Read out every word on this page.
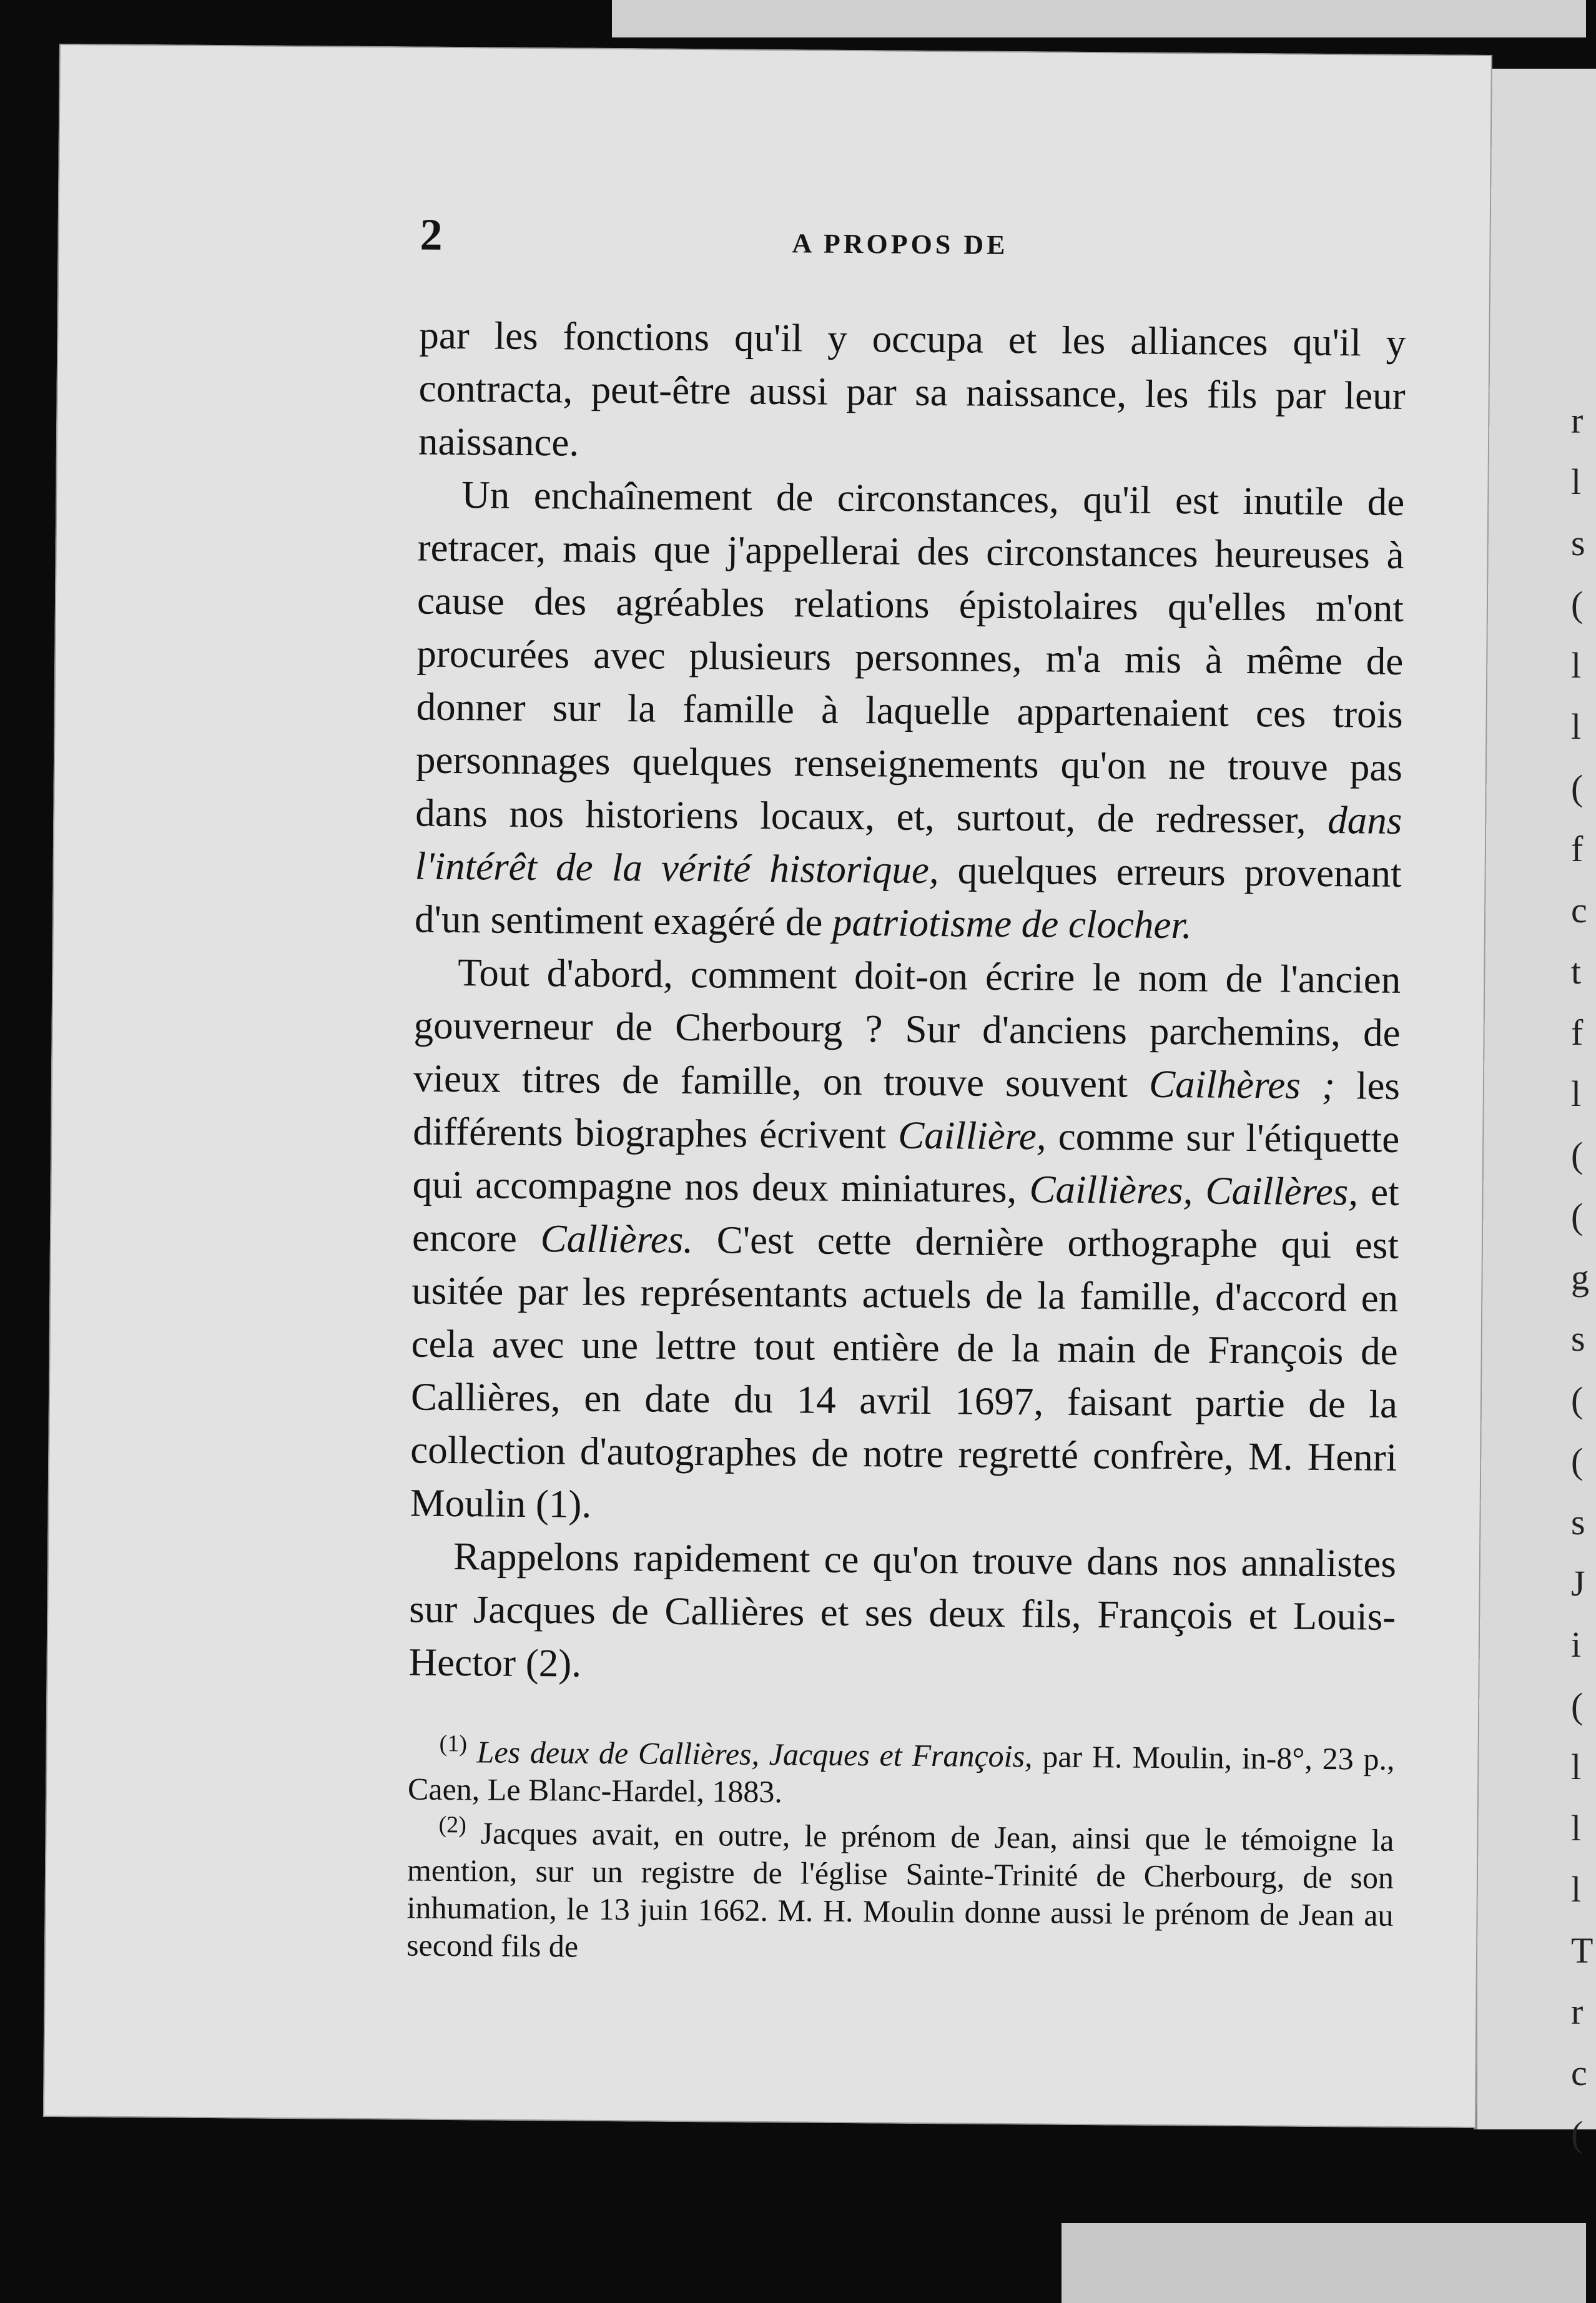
r
l
s
(
l
l
(
f
c
t
f
l
(
(
g
s
(
(
s
J
i
(
l
l
l
T
r
c
(
2	A PROPOS DE

par les fonctions qu'il y occupa et les alliances qu'il y contracta, peut-être aussi par sa naissance, les fils par leur naissance.

Un enchaînement de circonstances, qu'il est inutile de retracer, mais que j'appellerai des circonstances heureuses à cause des agréables relations épistolaires qu'elles m'ont procurées avec plusieurs personnes, m'a mis à même de donner sur la famille à laquelle appartenaient ces trois personnages quelques renseignements qu'on ne trouve pas dans nos historiens locaux, et, surtout, de redresser, dans l'intérêt de la vérité historique, quelques erreurs provenant d'un sentiment exagéré de patriotisme de clocher.

Tout d'abord, comment doit-on écrire le nom de l'ancien gouverneur de Cherbourg ? Sur d'anciens parchemins, de vieux titres de famille, on trouve souvent Cailhères ; les différents biographes écrivent Caillière, comme sur l'étiquette qui accompagne nos deux miniatures, Caillières, Caillères, et encore Callières. C'est cette dernière orthographe qui est usitée par les représentants actuels de la famille, d'accord en cela avec une lettre tout entière de la main de François de Callières, en date du 14 avril 1697, faisant partie de la collection d'autographes de notre regretté confrère, M. Henri Moulin (1).

Rappelons rapidement ce qu'on trouve dans nos annalistes sur Jacques de Callières et ses deux fils, François et Louis-Hector (2).

$^{(1)}$ Les deux de Callières, Jacques et François, par H. Moulin, in-8°, 23 p., Caen, Le Blanc-Hardel, 1883.

$^{(2)}$ Jacques avait, en outre, le prénom de Jean, ainsi que le témoigne la mention, sur un registre de l'église Sainte-Trinité de Cherbourg, de son inhumation, le 13 juin 1662. M. H. Moulin donne aussi le prénom de Jean au second fils de
